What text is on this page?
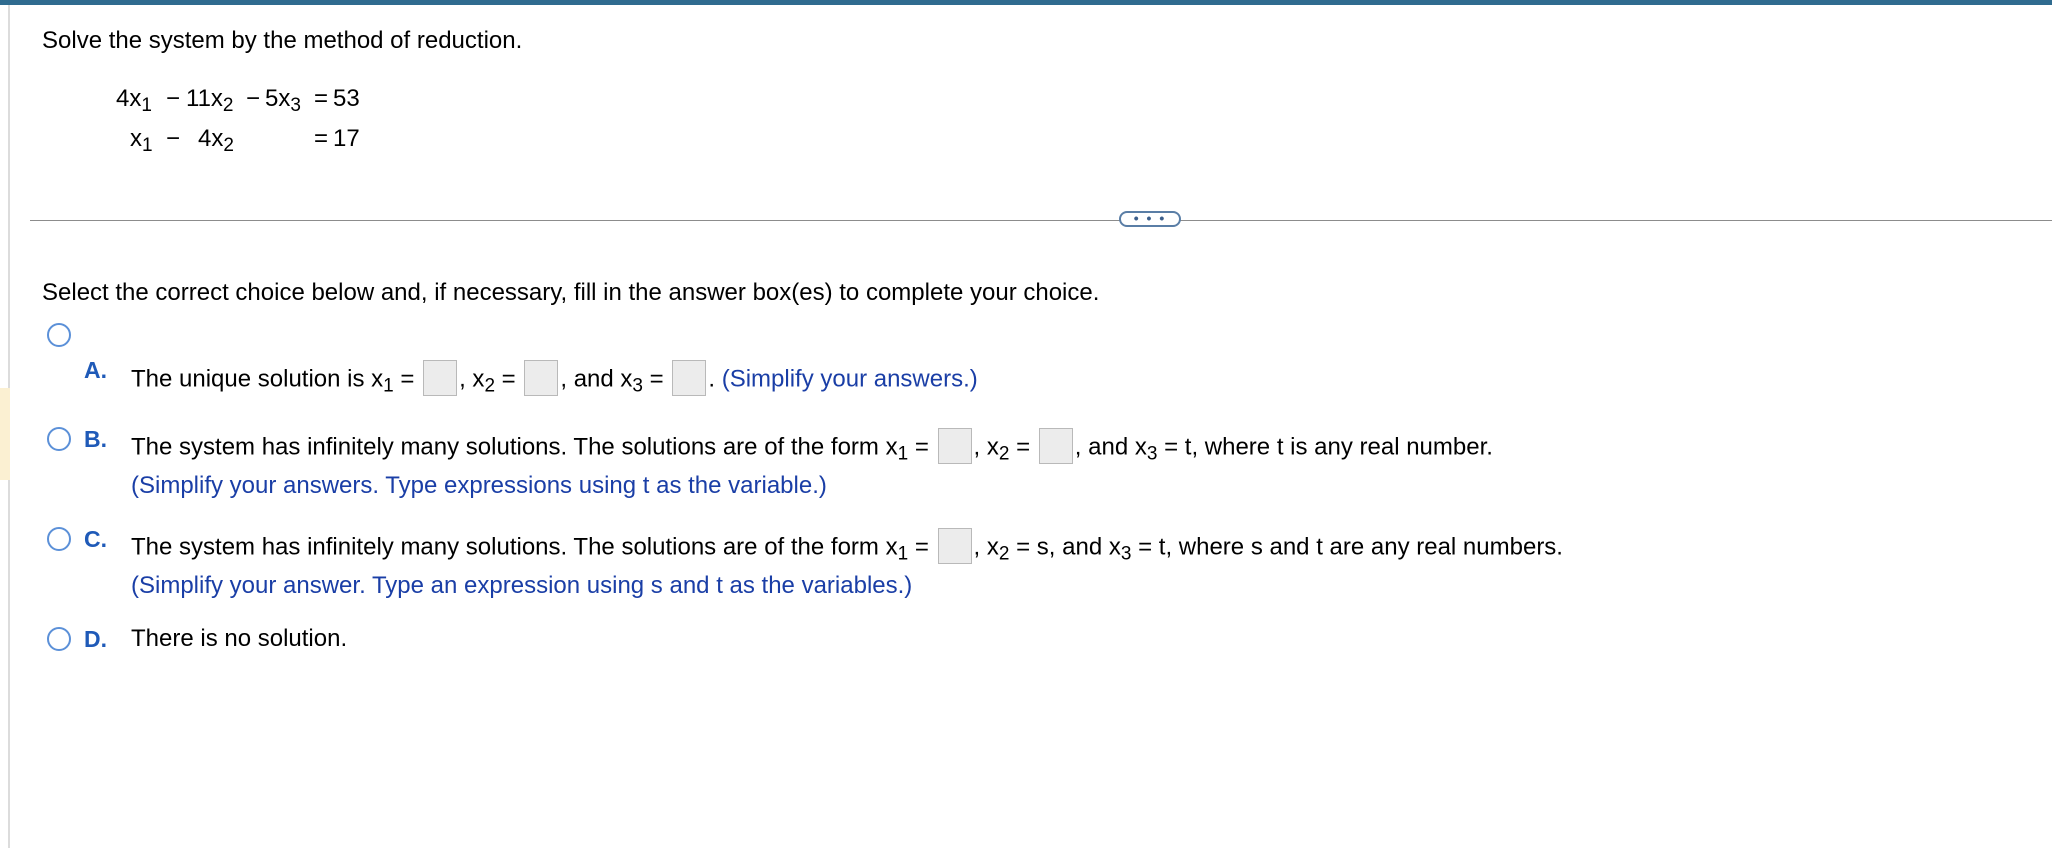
Solve the system by the method of reduction.
$4x_1 - 11x_2 - 5x_3 = 53$
$x_1 - 4x_2$	= 17
• • •
Select the correct choice below and, if necessary, fill in the answer box(es) to complete your choice.
A. The unique solution is $x_1$ = , $x_2$ = , and $x_3$ = . (Simplify your answers.)
B. The system has infinitely many solutions. The solutions are of the form $x_1$ = , $x_2$ = , and $x_3 = t$, where t is any real number.
(Simplify your answers. Type expressions using t as the variable.)
C. The system has infinitely many solutions. The solutions are of the form $x_1$ = , $x_2 = s$, and $x_3 = t$, where s and t are any real numbers.
(Simplify your answer. Type an expression using s and t as the variables.)
D. There is no solution.
